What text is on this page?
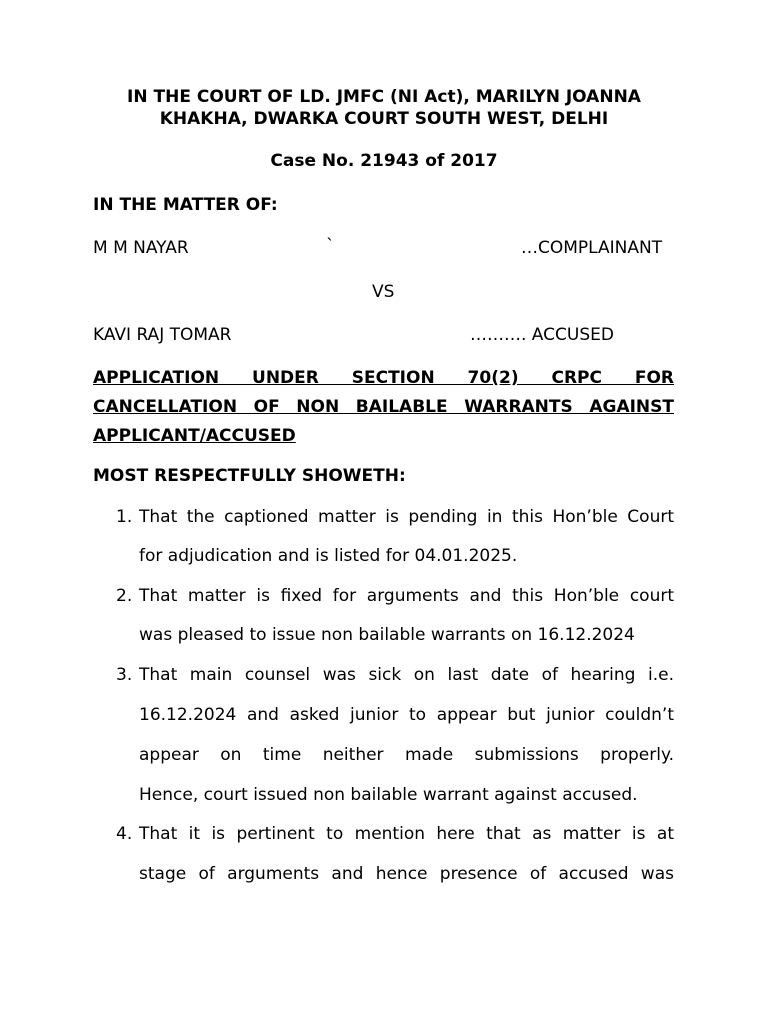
IN THE COURT OF LD. JMFC (NI Act), MARILYN JOANNA
KHAKHA, DWARKA COURT SOUTH WEST, DELHI
Case No. 21943 of 2017
IN THE MATTER OF:
M M NAYAR	`	…COMPLAINANT
VS
KAVI RAJ TOMAR	………. ACCUSED
APPLICATION UNDER SECTION 70(2) CRPC FOR
CANCELLATION OF NON BAILABLE WARRANTS AGAINST
APPLICANT/ACCUSED
MOST RESPECTFULLY SHOWETH:
1. That the captioned matter is pending in this Hon’ble Court
for adjudication and is listed for 04.01.2025.
2. That matter is fixed for arguments and this Hon’ble court
was pleased to issue non bailable warrants on 16.12.2024
3. That main counsel was sick on last date of hearing i.e.
16.12.2024 and asked junior to appear but junior couldn’t
appear on time neither made submissions properly.
Hence, court issued non bailable warrant against accused.
4. That it is pertinent to mention here that as matter is at
stage of arguments and hence presence of accused was
